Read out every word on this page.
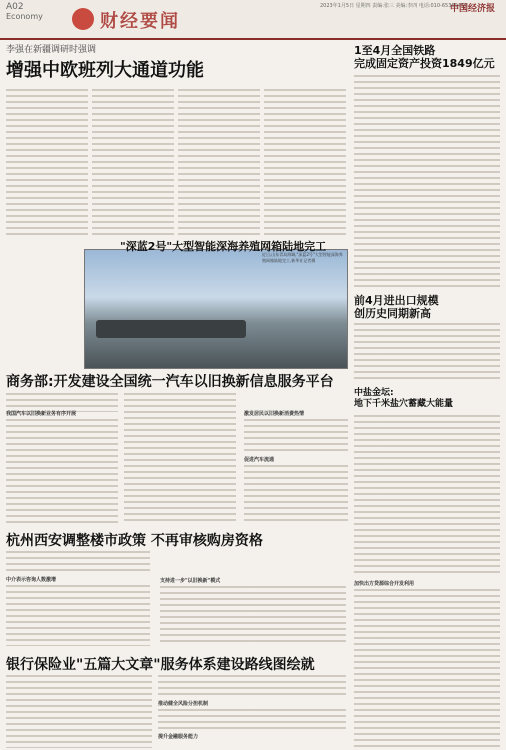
A02
Economy	财经要闻
2023年1月5日 星期四 责编:张三 美编:李四 电话:010-65369450
中国经济报
李强在新疆调研时强调
增强中欧班列大通道功能
1至4月全国铁路
完成固定资产投资1849亿元
前4月进出口规模
创历史同期新高
中盐金坛:
地下千米盐穴蓄藏大能量
"深蓝2号"大型智能深海养殖网箱陆地完工
近日,山东青岛海域,"深蓝2号"大型智能深海养殖网箱陆地完工,新华社记者摄
商务部:开发建设全国统一汽车以旧换新信息服务平台
我国汽车以旧换新业务有序开展	激发居民以旧换新消费热情
促进汽车流通
杭州西安调整楼市政策 不再审核购房资格
中介表示咨询人数激增	支持进一步"以旧换新"模式	加快出方贷源综合开发利用
银行保险业"五篇大文章"服务体系建设路线图绘就
推动健全风险分担机制
提升金融服务能力
